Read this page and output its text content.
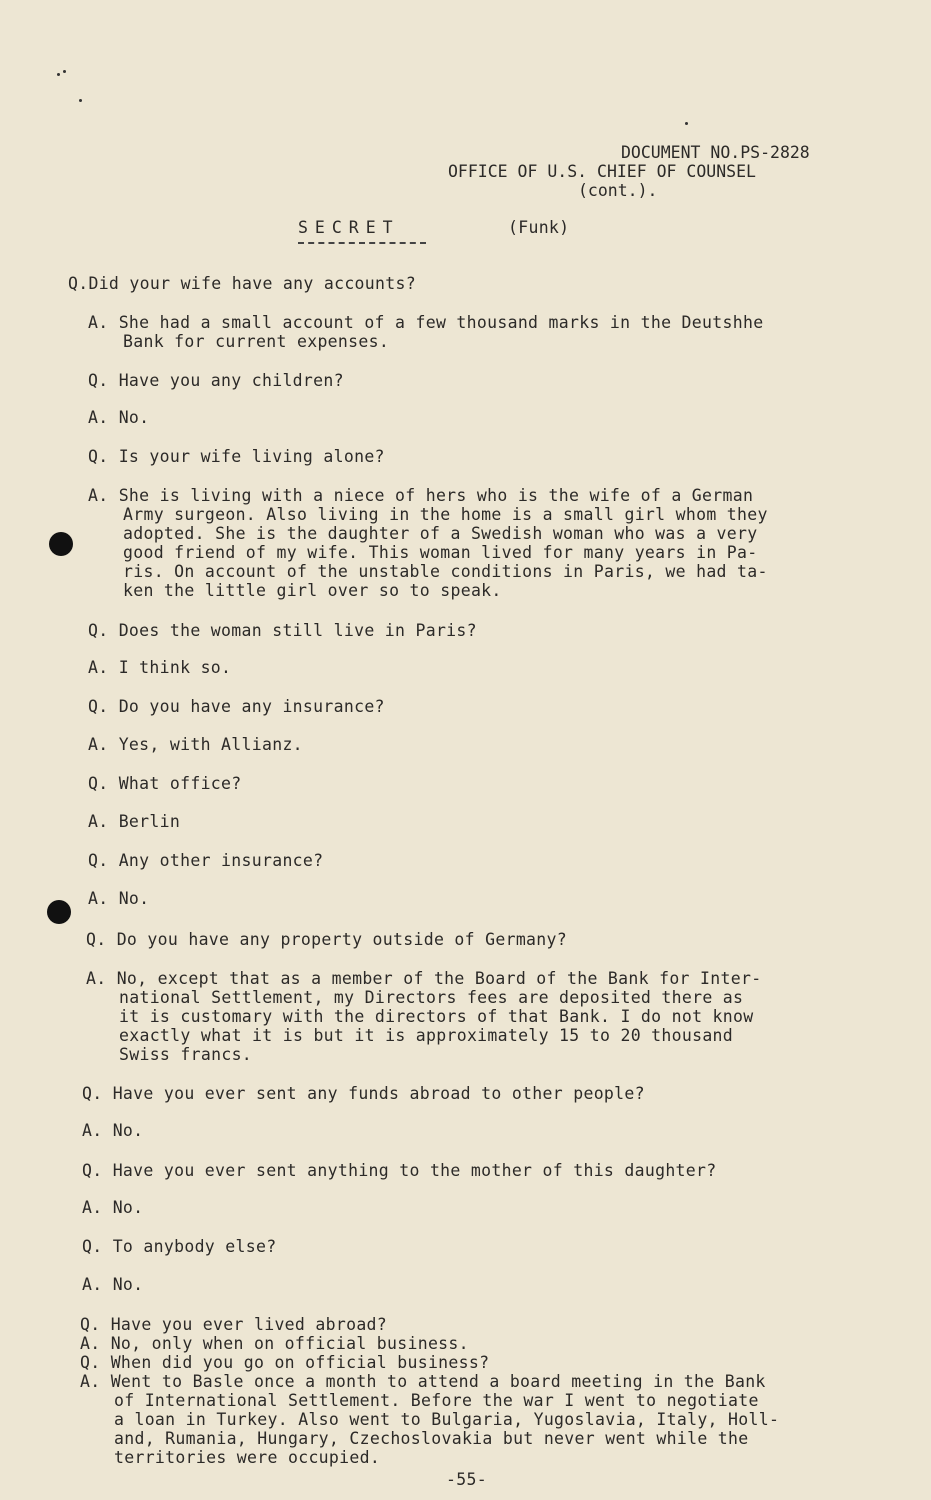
DOCUMENT NO.PS-2828
OFFICE OF U.S. CHIEF OF COUNSEL
(cont.).
SECRET	(Funk)
Q.Did your wife have any accounts?
A. She had a small account of a few thousand marks in the Deutshhe
Bank for current expenses.
Q. Have you any children?
A. No.
Q. Is your wife living alone?
A. She is living with a niece of hers who is the wife of a German
Army surgeon. Also living in the home is a small girl whom they
adopted. She is the daughter of a Swedish woman who was a very
good friend of my wife. This woman lived for many years in Pa-
ris. On account of the unstable conditions in Paris, we had ta-
ken the little girl over so to speak.
Q. Does the woman still live in Paris?
A. I think so.
Q. Do you have any insurance?
A. Yes, with Allianz.
Q. What office?
A. Berlin
Q. Any other insurance?
A. No.
Q. Do you have any property outside of Germany?
A. No, except that as a member of the Board of the Bank for Inter-
national Settlement, my Directors fees are deposited there as
it is customary with the directors of that Bank. I do not know
exactly what it is but it is approximately 15 to 20 thousand
Swiss francs.
Q. Have you ever sent any funds abroad to other people?
A. No.
Q. Have you ever sent anything to the mother of this daughter?
A. No.
Q. To anybody else?
A. No.
Q. Have you ever lived abroad?
A. No, only when on official business.
Q. When did you go on official business?
A. Went to Basle once a month to attend a board meeting in the Bank
of International Settlement. Before the war I went to negotiate
a loan in Turkey. Also went to Bulgaria, Yugoslavia, Italy, Holl-
and, Rumania, Hungary, Czechoslovakia but never went while the
territories were occupied.
-55-
